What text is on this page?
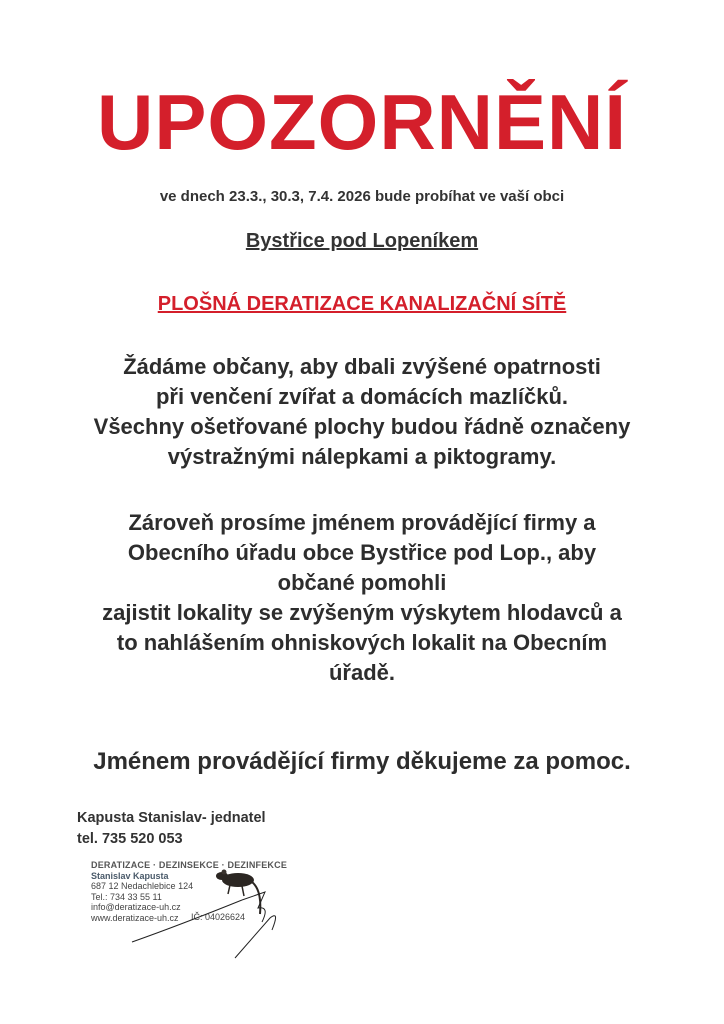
UPOZORNĚNÍ
ve dnech 23.3., 30.3, 7.4. 2026 bude probíhat ve vaší obci
Bystřice pod Lopeníkem
PLOŠNÁ DERATIZACE KANALIZAČNÍ SÍTĚ
Žádáme občany, aby dbali zvýšené opatrnosti
při venčení zvířat a domácích mazlíčků.
Všechny ošetřované plochy budou řádně označeny
výstražnými nálepkami a piktogramy.
Zároveň prosíme jménem provádějící firmy a
Obecního úřadu obce Bystřice pod Lop., aby
občané pomohli
zajistit lokality se zvýšeným výskytem hlodavců a
to nahlášením ohniskových lokalit na Obecním
úřadě.
Jménem provádějící firmy děkujeme za pomoc.
Kapusta Stanislav- jednatel
tel. 735 520 053
DERATIZACE · DEZINSEKCE · DEZINFEKCE
Stanislav Kapusta
687 12 Nedachlebice 124
Tel.: 734 33 55 11
info@deratizace-uh.cz
www.deratizace-uh.cz	IČ: 04026624
